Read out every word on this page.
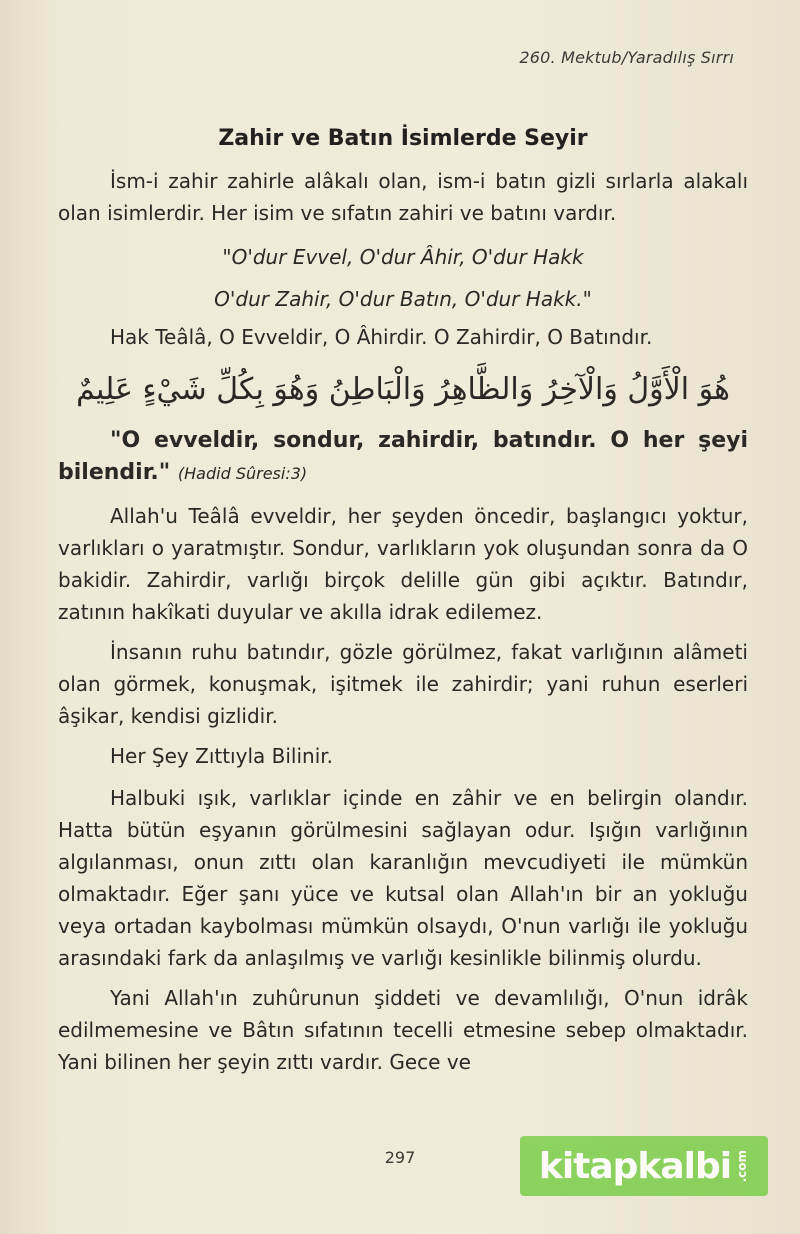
260. Mektub/Yaradılış Sırrı
Zahir ve Batın İsimlerde Seyir

İsm-i zahir zahirle alâkalı olan, ism-i batın gizli sırlarla alakalı olan isimlerdir. Her isim ve sıfatın zahiri ve batını vardır.

"O'dur Evvel, O'dur Âhir, O'dur Hakk

O'dur Zahir, O'dur Batın, O'dur Hakk."

Hak Teâlâ, O Evveldir, O Âhirdir. O Zahirdir, O Batındır.

هُوَ الْأَوَّلُ وَالْآخِرُ وَالظَّاهِرُ وَالْبَاطِنُ وَهُوَ بِكُلِّ شَيْءٍ عَلِيمٌ

"O evveldir, sondur, zahirdir, batındır. O her şeyi bilendir." (Hadid Sûresi:3)

Allah'u Teâlâ evveldir, her şeyden öncedir, başlangıcı yoktur, varlıkları o yaratmıştır. Sondur, varlıkların yok oluşundan sonra da O bakidir. Zahirdir, varlığı birçok delille gün gibi açıktır. Batındır, zatının hakîkati duyular ve akılla idrak edilemez.

İnsanın ruhu batındır, gözle görülmez, fakat varlığının alâmeti olan görmek, konuşmak, işitmek ile zahirdir; yani ruhun eserleri âşikar, kendisi gizlidir.

Her Şey Zıttıyla Bilinir.

Halbuki ışık, varlıklar içinde en zâhir ve en belirgin olandır. Hatta bütün eşyanın görülmesini sağlayan odur. Işığın varlığının algılanması, onun zıttı olan karanlığın mevcudiyeti ile mümkün olmaktadır. Eğer şanı yüce ve kutsal olan Allah'ın bir an yokluğu veya ortadan kaybolması mümkün olsaydı, O'nun varlığı ile yokluğu arasındaki fark da anlaşılmış ve varlığı kesinlikle bilinmiş olurdu.

Yani Allah'ın zuhûrunun şiddeti ve devamlılığı, O'nun idrâk edilmemesine ve Bâtın sıfatının tecelli etmesine sebep olmaktadır. Yani bilinen her şeyin zıttı vardır. Gece ve

297	kitapkalbi .com
